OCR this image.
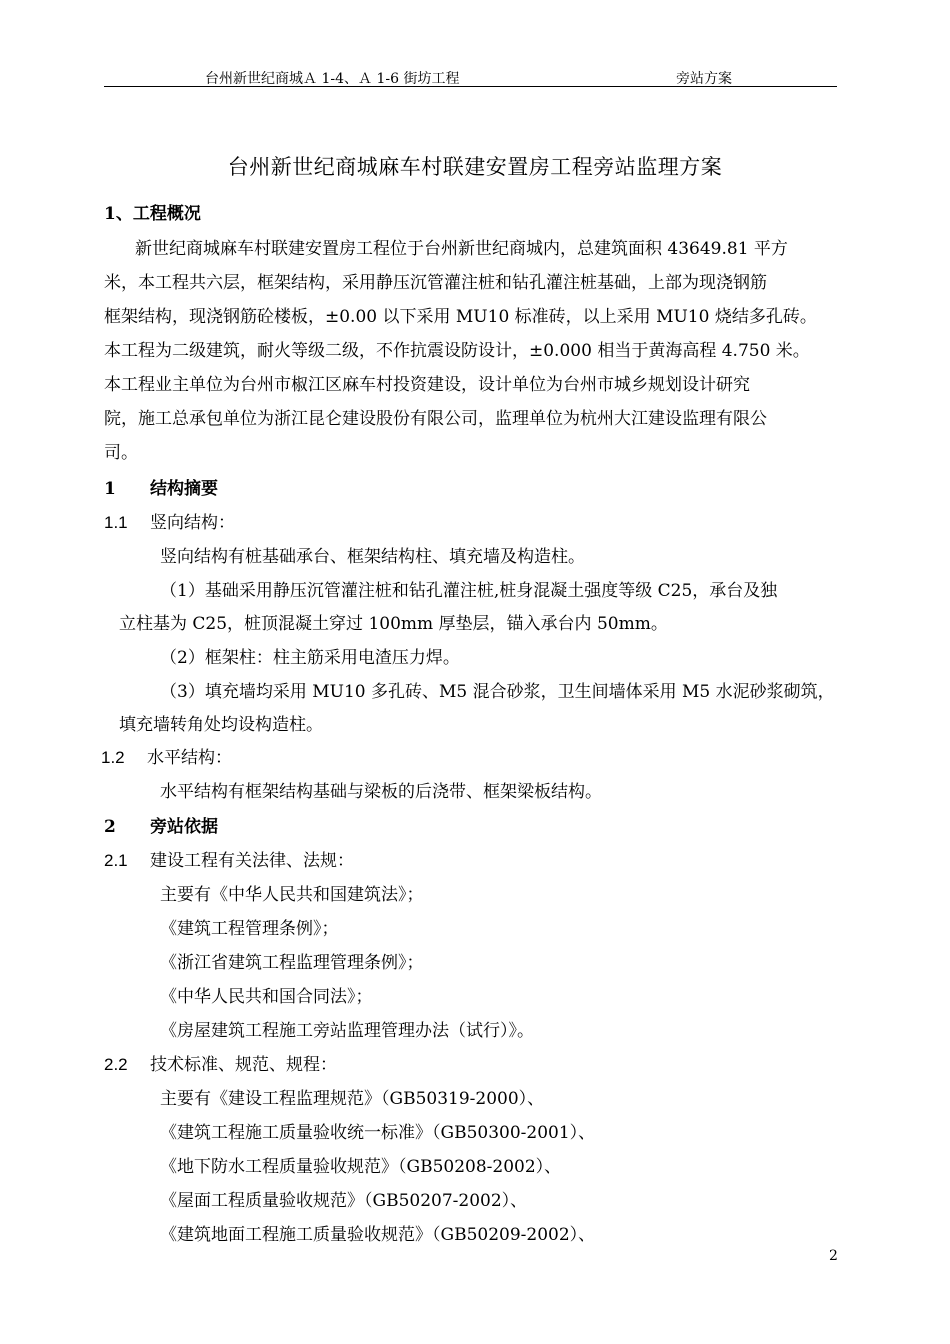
台州新世纪商城Ａ 1-4、Ａ 1-6 街坊工程	旁站方案
台州新世纪商城麻车村联建安置房工程旁站监理方案
1、工程概况
新世纪商城麻车村联建安置房工程位于台州新世纪商城内，总建筑面积 43649.81 平方
米，本工程共六层，框架结构，采用静压沉管灌注桩和钻孔灌注桩基础，上部为现浇钢筋
框架结构，现浇钢筋砼楼板，±0.00 以下采用 MU10 标准砖，以上采用 MU10 烧结多孔砖。
本工程为二级建筑，耐火等级二级，不作抗震设防设计，±0.000 相当于黄海高程 4.750 米。
本工程业主单位为台州市椒江区麻车村投资建设，设计单位为台州市城乡规划设计研究
院，施工总承包单位为浙江昆仑建设股份有限公司，监理单位为杭州大江建设监理有限公
司。
1 结构摘要
1.1 竖向结构：
竖向结构有桩基础承台、框架结构柱、填充墙及构造柱。
（1）基础采用静压沉管灌注桩和钻孔灌注桩,桩身混凝土强度等级 C25，承台及独
立柱基为 C25，桩顶混凝土穿过 100mm 厚垫层，锚入承台内 50mm。
（2）框架柱：柱主筋采用电渣压力焊。
（3）填充墙均采用 MU10 多孔砖、M5 混合砂浆，卫生间墙体采用 M5 水泥砂浆砌筑，
填充墙转角处均设构造柱。
1.2 水平结构：
水平结构有框架结构基础与梁板的后浇带、框架梁板结构。
2 旁站依据
2.1 建设工程有关法律、法规：
主要有《中华人民共和国建筑法》；
《建筑工程管理条例》；
《浙江省建筑工程监理管理条例》；
《中华人民共和国合同法》；
《房屋建筑工程施工旁站监理管理办法（试行）》。
2.2 技术标准、规范、规程：
主要有《建设工程监理规范》（GB50319-2000）、
《建筑工程施工质量验收统一标准》（GB50300-2001）、
《地下防水工程质量验收规范》（GB50208-2002）、
《屋面工程质量验收规范》（GB50207-2002）、
《建筑地面工程施工质量验收规范》（GB50209-2002）、
2
